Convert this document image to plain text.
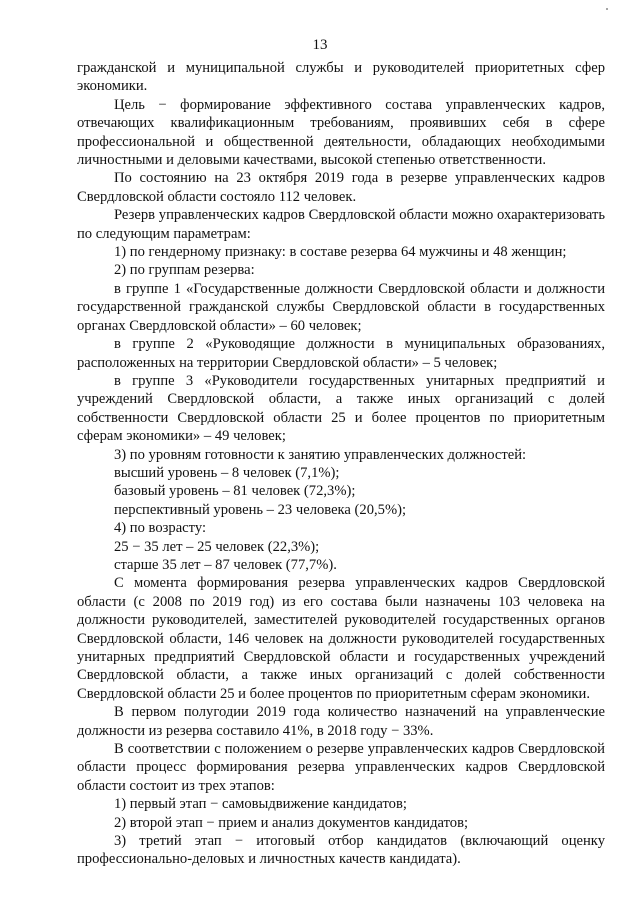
13

гражданской и муниципальной службы и руководителей приоритетных сфер экономики.

Цель − формирование эффективного состава управленческих кадров, отвечающих квалификационным требованиям, проявивших себя в сфере профессиональной и общественной деятельности, обладающих необходимыми личностными и деловыми качествами, высокой степенью ответственности.

По состоянию на 23 октября 2019 года в резерве управленческих кадров Свердловской области состояло 112 человек.

Резерв управленческих кадров Свердловской области можно охарактеризовать по следующим параметрам:

1) по гендерному признаку: в составе резерва 64 мужчины и 48 женщин;

2) по группам резерва:

в группе 1 «Государственные должности Свердловской области и должности государственной гражданской службы Свердловской области в государственных органах Свердловской области» – 60 человек;

в группе 2 «Руководящие должности в муниципальных образованиях, расположенных на территории Свердловской области» – 5 человек;

в группе 3 «Руководители государственных унитарных предприятий и учреждений Свердловской области, а также иных организаций с долей собственности Свердловской области 25 и более процентов по приоритетным сферам экономики» – 49 человек;

3) по уровням готовности к занятию управленческих должностей:

высший уровень – 8 человек (7,1%);

базовый уровень – 81 человек (72,3%);

перспективный уровень – 23 человека (20,5%);

4) по возрасту:

25 − 35 лет – 25 человек (22,3%);

старше 35 лет – 87 человек (77,7%).

С момента формирования резерва управленческих кадров Свердловской области (с 2008 по 2019 год) из его состава были назначены 103 человека на должности руководителей, заместителей руководителей государственных органов Свердловской области, 146 человек на должности руководителей государственных унитарных предприятий Свердловской области и государственных учреждений Свердловской области, а также иных организаций с долей собственности Свердловской области 25 и более процентов по приоритетным сферам экономики.

В первом полугодии 2019 года количество назначений на управленческие должности из резерва составило 41%, в 2018 году − 33%.

В соответствии с положением о резерве управленческих кадров Свердловской области процесс формирования резерва управленческих кадров Свердловской области состоит из трех этапов:

1) первый этап − самовыдвижение кандидатов;

2) второй этап − прием и анализ документов кандидатов;

3) третий этап − итоговый отбор кандидатов (включающий оценку профессионально-деловых и личностных качеств кандидата).
